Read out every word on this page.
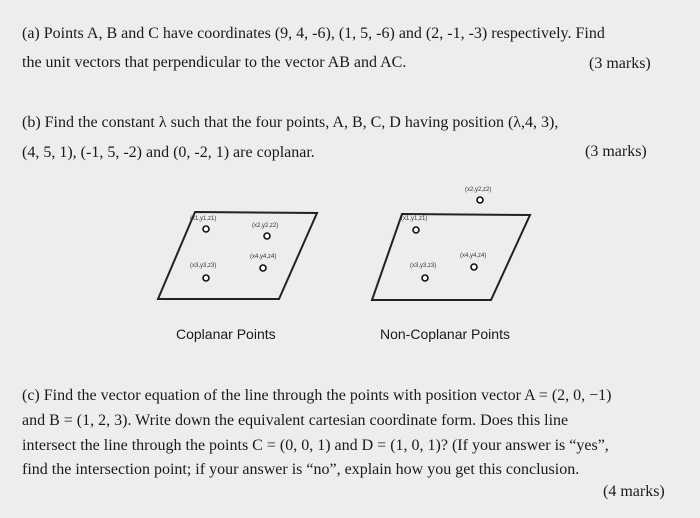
(a) Points A, B and C have coordinates (9, 4, -6), (1, 5, -6) and (2, -1, -3) respectively. Find
the unit vectors that perpendicular to the vector AB and AC.	(3 marks)
(b) Find the constant λ such that the four points, A, B, C, D having position (λ,4, 3),
(4, 5, 1), (-1, 5, -2) and (0, -2, 1) are coplanar.	(3 marks)
(x1,y1,z1)
(x2,y2,z2)
(x4,y4,z4)
(x3,y3,z3)
(x2,y2,z2)
(x1,y1,z1)
(x4,y4,z4)
(x3,y3,z3)
Coplanar Points	Non-Coplanar Points
(c) Find the vector equation of the line through the points with position vector A = (2, 0, −1)
and B = (1, 2, 3). Write down the equivalent cartesian coordinate form. Does this line
intersect the line through the points C = (0, 0, 1) and D = (1, 0, 1)? (If your answer is “yes”,
find the intersection point; if your answer is “no”, explain how you get this conclusion.
(4 marks)
